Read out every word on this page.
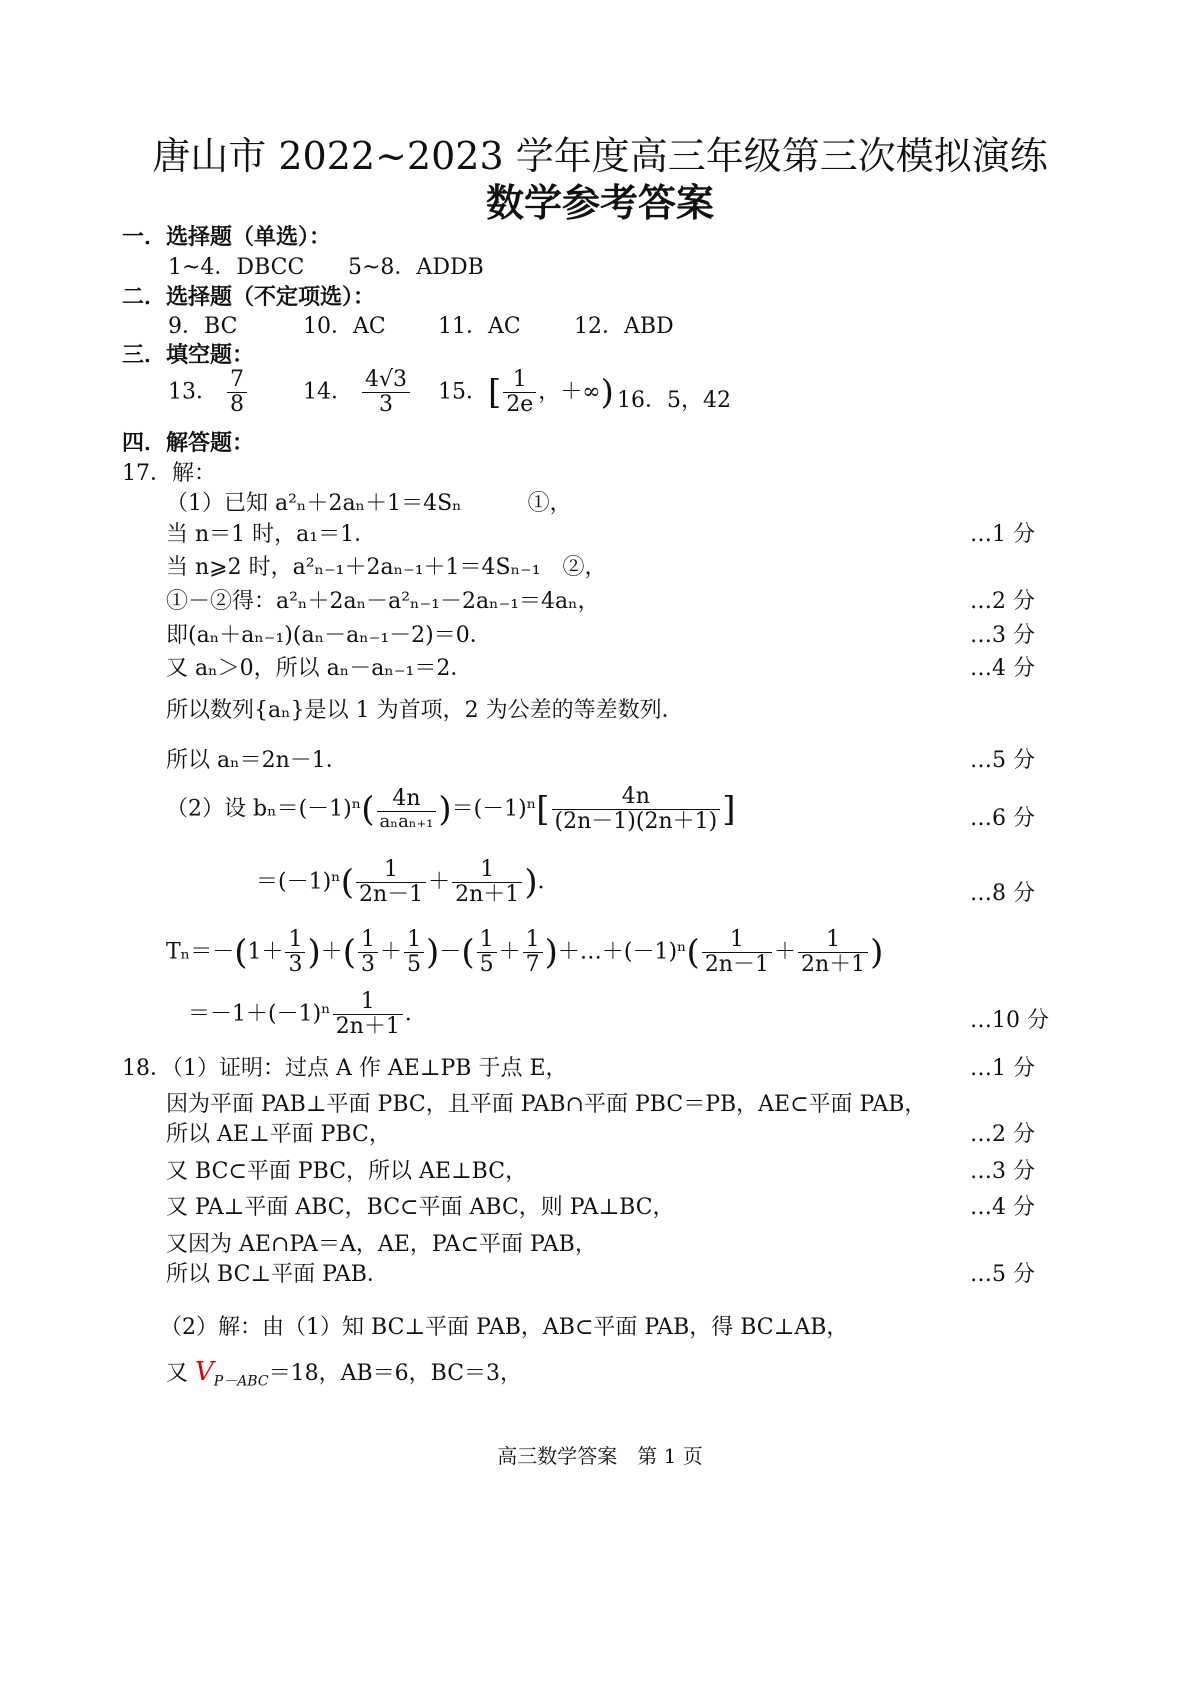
唐山市 2022~2023 学年度高三年级第三次模拟演练
数学参考答案
一．选择题（单选）：
1~4．DBCC 5~8．ADDB
二．选择题（不定项选）：
9．BC	10．AC 11．AC 12．ABD
三．填空题：
13． $\frac{7}{8}$	14． $\frac{4√3}{3} 15$．[ $\frac{1}{2e}$ ，＋∞) 16．5，42
四．解答题：
17．解：
（1）已知 a²ₙ＋2aₙ＋1＝4Sₙ　　　①，
当 n＝1 时，a₁＝1．	…1 分
当 n⩾2 时，a²ₙ₋₁＋2aₙ₋₁＋1＝4Sₙ₋₁　②，
①－②得：a²ₙ＋2aₙ－a²ₙ₋₁－2aₙ₋₁＝4aₙ，	…2 分
即(aₙ＋aₙ₋₁)(aₙ－aₙ₋₁－2)＝0．	…3 分
又 aₙ＞0，所以 aₙ－aₙ₋₁＝2．	…4 分
所以数列{aₙ}是以 1 为首项，2 为公差的等差数列．
所以 aₙ＝2n－1．	…5 分
（2）设 $b_n=(-1)^n( \frac{4n}{\text{aₙaₙ₊₁}} )=(-1)^n[ \frac{4n}{(2n-1)(2n+1)}$ ]	…6 分
$=(-1)^n( \frac{1}{2n-1} + \frac{1}{2n+1}$ )．	…8 分
$T_n=-(1+ \frac{1}{3}$ )＋( $\frac{1}{3} + \frac{1}{5}$ )－( $\frac{1}{5} + \frac{1}{7}$ )＋…＋(－1)ⁿ( $\frac{1}{2n-1} + \frac{1}{2n+1}$ )
$=-1+(-1)^n \frac{1}{2n+1}$ ．	…10 分
18．（1）证明：过点 A 作 AE⊥PB 于点 E，	…1 分
因为平面 PAB⊥平面 PBC，且平面 PAB∩平面 PBC＝PB，AE⊂平面 PAB，
所以 AE⊥平面 PBC，	…2 分
又 BC⊂平面 PBC，所以 AE⊥BC，	…3 分
又 PA⊥平面 ABC，BC⊂平面 ABC，则 PA⊥BC，	…4 分
又因为 AE∩PA＝A，AE，PA⊂平面 PAB，
所以 BC⊥平面 PAB．	…5 分
（2）解：由（1）知 BC⊥平面 PAB，AB⊂平面 PAB，得 BC⊥AB，
又 $V_{P-ABC}=18$，AB＝6，BC＝3，
高三数学答案　第 1 页
